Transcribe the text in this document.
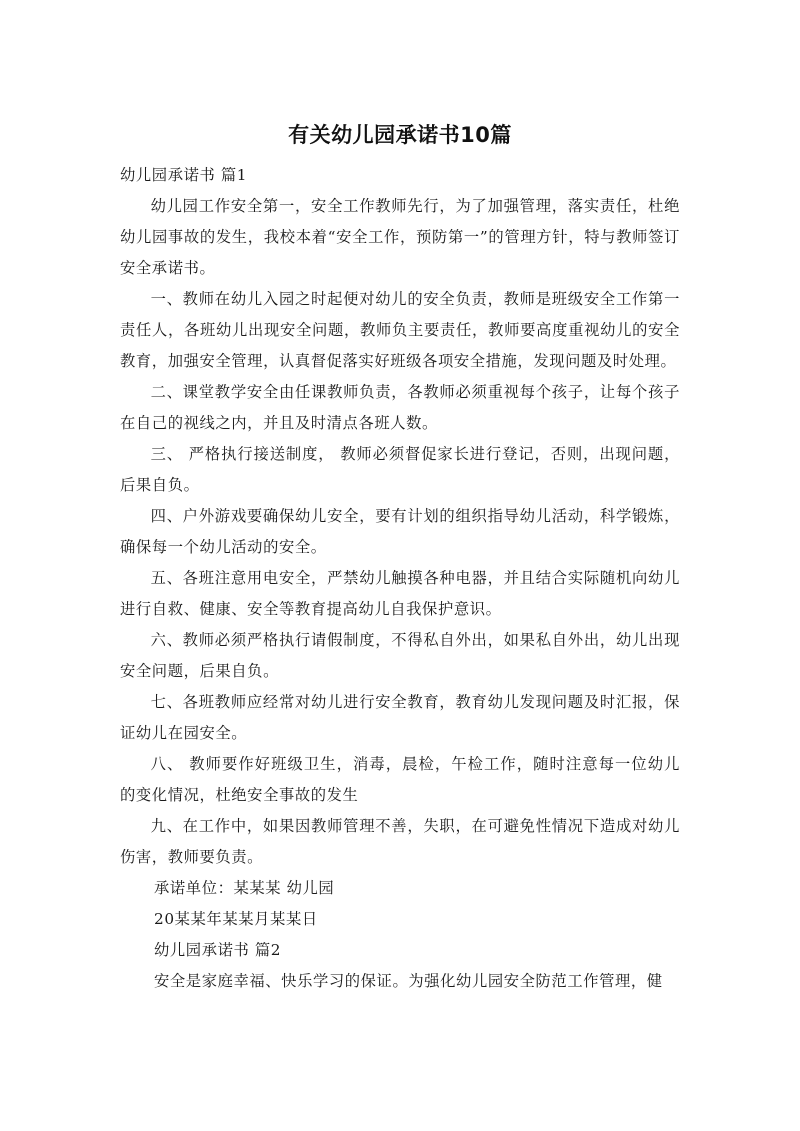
有关幼儿园承诺书10篇

幼儿园承诺书 篇1

幼儿园工作安全第一，安全工作教师先行，为了加强管理，落实责任，杜绝幼儿园事故的发生，我校本着“安全工作，预防第一”的管理方针，特与教师签订安全承诺书。

一、教师在幼儿入园之时起便对幼儿的安全负责，教师是班级安全工作第一责任人，各班幼儿出现安全问题，教师负主要责任，教师要高度重视幼儿的安全教育，加强安全管理，认真督促落实好班级各项安全措施，发现问题及时处理。

二、课堂教学安全由任课教师负责，各教师必须重视每个孩子，让每个孩子在自己的视线之内，并且及时清点各班人数。

三、 严格执行接送制度， 教师必须督促家长进行登记，否则，出现问题，后果自负。

四、户外游戏要确保幼儿安全，要有计划的组织指导幼儿活动，科学锻炼，确保每一个幼儿活动的安全。

五、各班注意用电安全，严禁幼儿触摸各种电器，并且结合实际随机向幼儿进行自救、健康、安全等教育提高幼儿自我保护意识。

六、教师必须严格执行请假制度，不得私自外出，如果私自外出，幼儿出现安全问题，后果自负。

七、各班教师应经常对幼儿进行安全教育，教育幼儿发现问题及时汇报，保证幼儿在园安全。

八、 教师要作好班级卫生，消毒，晨检，午检工作，随时注意每一位幼儿的变化情况，杜绝安全事故的发生

九、在工作中，如果因教师管理不善，失职，在可避免性情况下造成对幼儿伤害，教师要负责。

承诺单位：某某某 幼儿园

20某某年某某月某某日

幼儿园承诺书 篇2

安全是家庭幸福、快乐学习的保证。为强化幼儿园安全防范工作管理，健
